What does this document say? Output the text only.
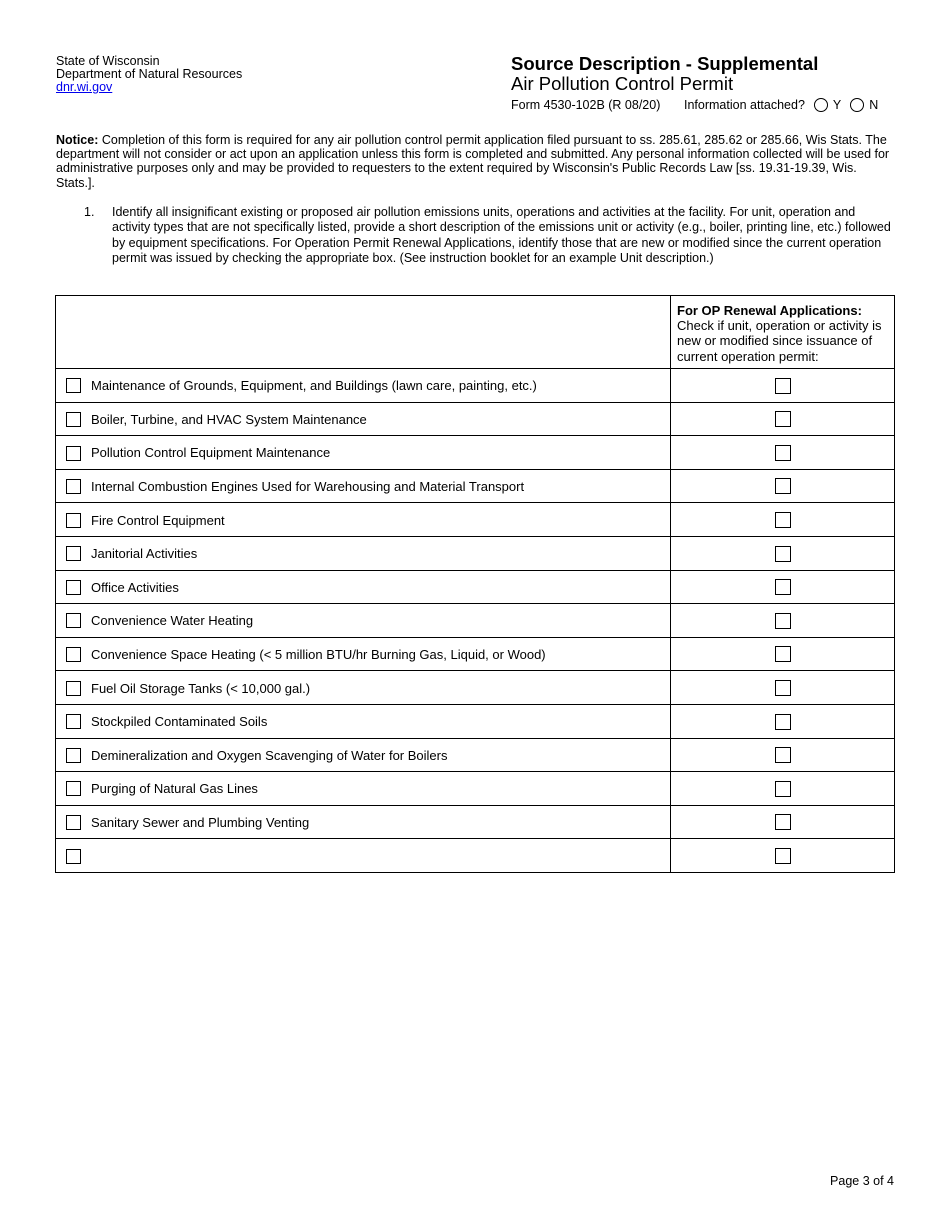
State of Wisconsin
Department of Natural Resources
dnr.wi.gov
Source Description - Supplemental
Air Pollution Control Permit
Form 4530-102B (R 08/20)	Information attached? Y N
Notice: Completion of this form is required for any air pollution control permit application filed pursuant to ss. 285.61, 285.62 or 285.66, Wis Stats. The department will not consider or act upon an application unless this form is completed and submitted. Any personal information collected will be used for administrative purposes only and may be provided to requesters to the extent required by Wisconsin's Public Records Law [ss. 19.31-19.39, Wis. Stats.].
1.	Identify all insignificant existing or proposed air pollution emissions units, operations and activities at the facility. For unit, operation and activity types that are not specifically listed, provide a short description of the emissions unit or activity (e.g., boiler, printing line, etc.) followed by equipment specifications. For Operation Permit Renewal Applications, identify those that are new or modified since the current operation permit was issued by checking the appropriate box. (See instruction booklet for an example Unit description.)

	For OP Renewal Applications:
Check if unit, operation or activity is new or modified since issuance of current operation permit:
Maintenance of Grounds, Equipment, and Buildings (lawn care, painting, etc.)	
Boiler, Turbine, and HVAC System Maintenance	
Pollution Control Equipment Maintenance	
Internal Combustion Engines Used for Warehousing and Material Transport	
Fire Control Equipment	
Janitorial Activities	
Office Activities	
Convenience Water Heating	
Convenience Space Heating (< 5 million BTU/hr Burning Gas, Liquid, or Wood)	
Fuel Oil Storage Tanks (< 10,000 gal.)	
Stockpiled Contaminated Soils	
Demineralization and Oxygen Scavenging of Water for Boilers	
Purging of Natural Gas Lines	
Sanitary Sewer and Plumbing Venting	

Page 3 of 4
